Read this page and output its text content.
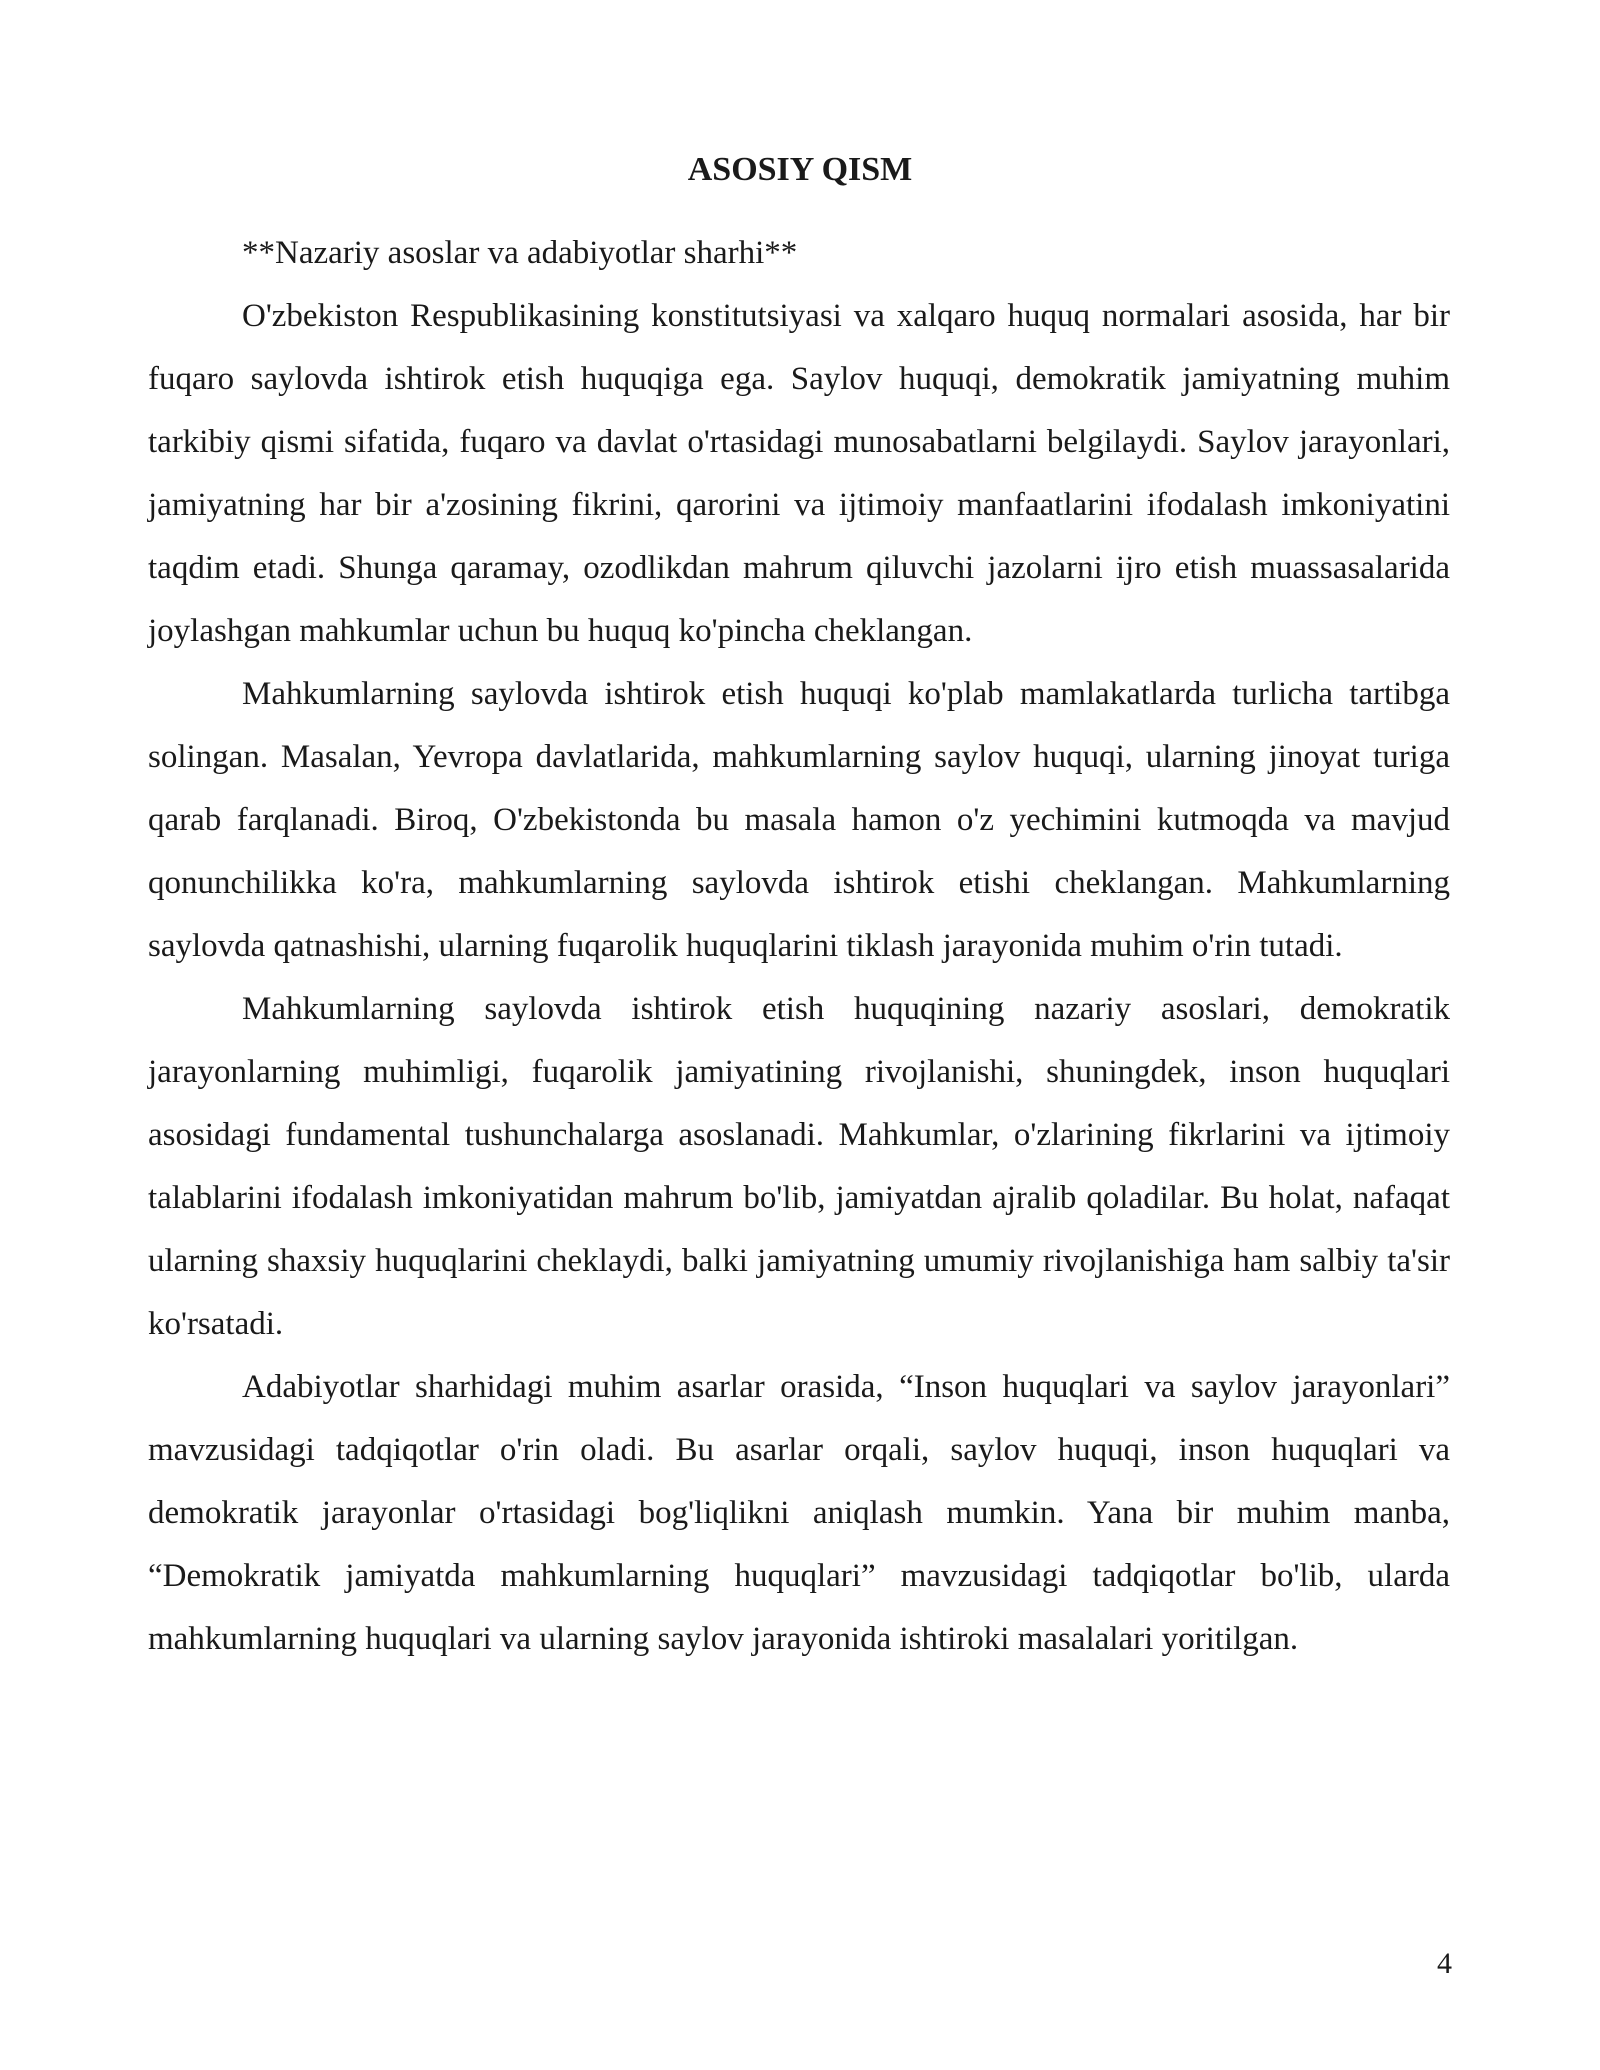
ASOSIY QISM

**Nazariy asoslar va adabiyotlar sharhi**

O'zbekiston Respublikasining konstitutsiyasi va xalqaro huquq normalari asosida, har bir fuqaro saylovda ishtirok etish huquqiga ega. Saylov huquqi, demokratik jamiyatning muhim tarkibiy qismi sifatida, fuqaro va davlat o'rtasidagi munosabatlarni belgilaydi. Saylov jarayonlari, jamiyatning har bir a'zosining fikrini, qarorini va ijtimoiy manfaatlarini ifodalash imkoniyatini taqdim etadi. Shunga qaramay, ozodlikdan mahrum qiluvchi jazolarni ijro etish muassasalarida joylashgan mahkumlar uchun bu huquq ko'pincha cheklangan.

Mahkumlarning saylovda ishtirok etish huquqi ko'plab mamlakatlarda turlicha tartibga solingan. Masalan, Yevropa davlatlarida, mahkumlarning saylov huquqi, ularning jinoyat turiga qarab farqlanadi. Biroq, O'zbekistonda bu masala hamon o'z yechimini kutmoqda va mavjud qonunchilikka ko'ra, mahkumlarning saylovda ishtirok etishi cheklangan. Mahkumlarning saylovda qatnashishi, ularning fuqarolik huquqlarini tiklash jarayonida muhim o'rin tutadi.

Mahkumlarning saylovda ishtirok etish huquqining nazariy asoslari, demokratik jarayonlarning muhimligi, fuqarolik jamiyatining rivojlanishi, shuningdek, inson huquqlari asosidagi fundamental tushunchalarga asoslanadi. Mahkumlar, o'zlarining fikrlarini va ijtimoiy talablarini ifodalash imkoniyatidan mahrum bo'lib, jamiyatdan ajralib qoladilar. Bu holat, nafaqat ularning shaxsiy huquqlarini cheklaydi, balki jamiyatning umumiy rivojlanishiga ham salbiy ta'sir ko'rsatadi.

Adabiyotlar sharhidagi muhim asarlar orasida, “Inson huquqlari va saylov jarayonlari” mavzusidagi tadqiqotlar o'rin oladi. Bu asarlar orqali, saylov huquqi, inson huquqlari va demokratik jarayonlar o'rtasidagi bog'liqlikni aniqlash mumkin. Yana bir muhim manba, “Demokratik jamiyatda mahkumlarning huquqlari” mavzusidagi tadqiqotlar bo'lib, ularda mahkumlarning huquqlari va ularning saylov jarayonida ishtiroki masalalari yoritilgan.

4
